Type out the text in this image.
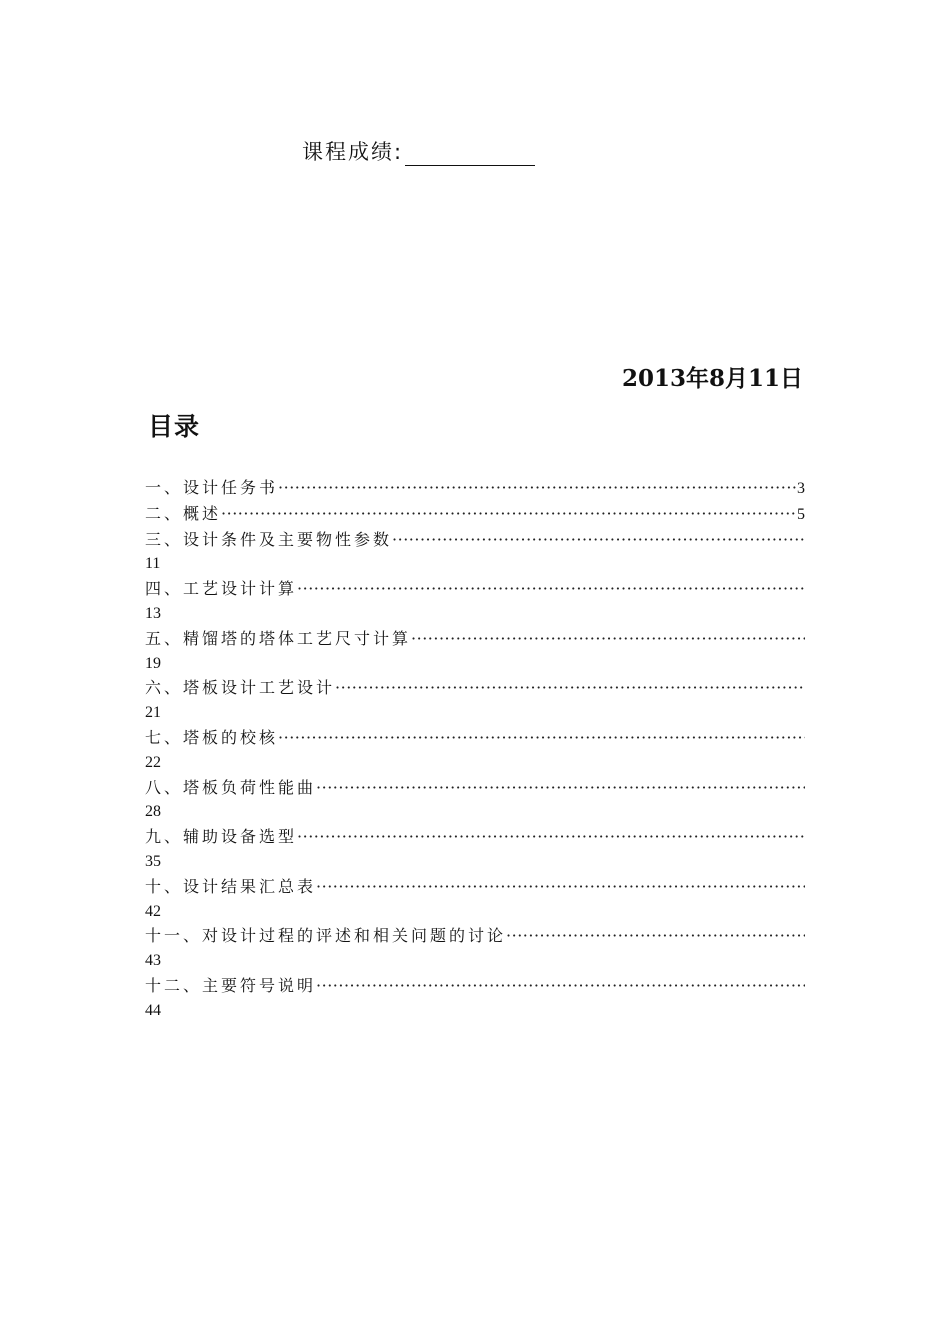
课程成绩:
2013年8月11日
目录
一、设计任务书 ·····	3
二、概述 ·····	5
三、设计条件及主要物性参数
·····
11
四、工艺设计计算
·····
13
五、精馏塔的塔体工艺尺寸计算
·····
19
六、塔板设计工艺设计
·····
21
七、塔板的校核
·····
22
八、塔板负荷性能曲
·····
28
九、辅助设备选型
·····
35
十、设计结果汇总表
·····
42
十一、对设计过程的评述和相关问题的讨论
·····
43
十二、主要符号说明
·····
44
